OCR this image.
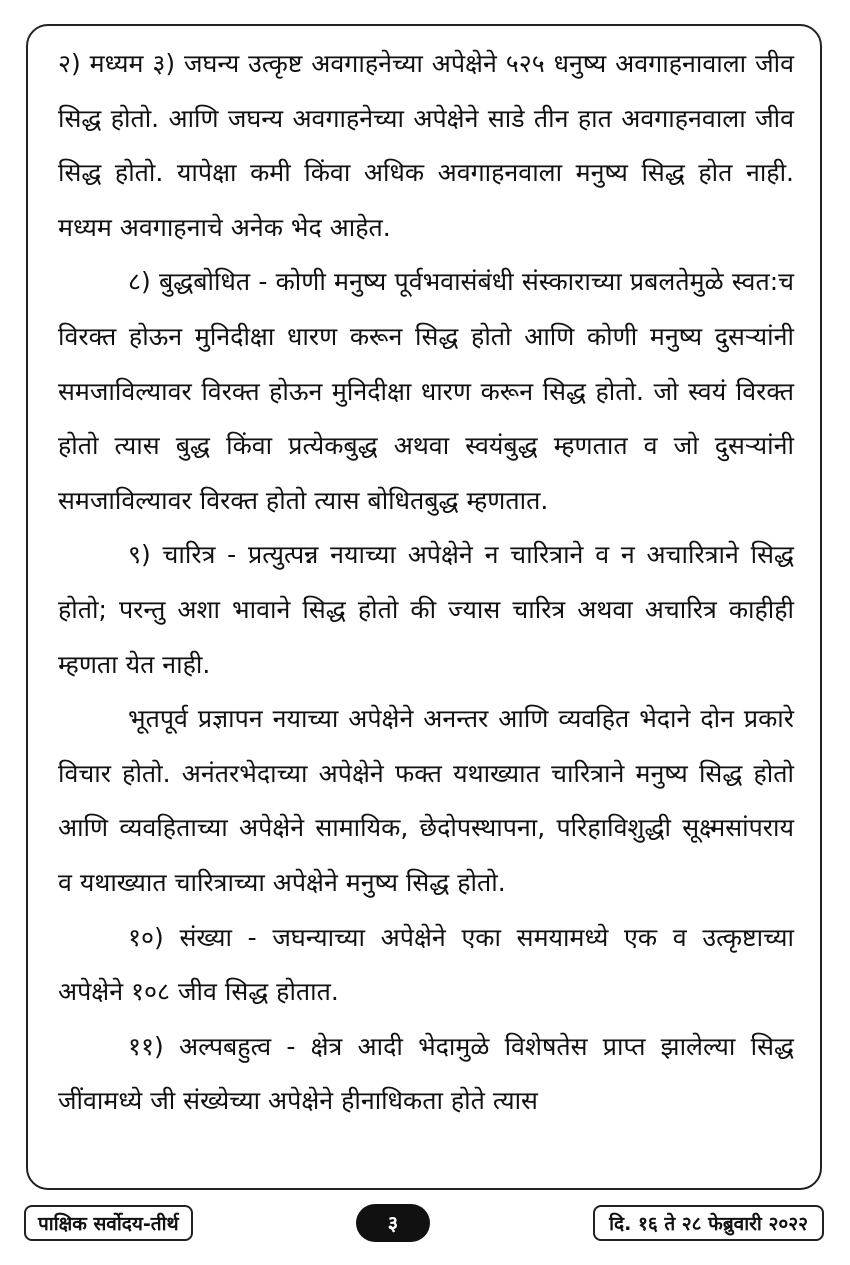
२) मध्यम ३) जघन्य उत्कृष्ट अवगाहनेच्या अपेक्षेने ५२५ धनुष्य अवगाहनावाला जीव सिद्ध होतो. आणि जघन्य अवगाहनेच्या अपेक्षेने साडे तीन हात अवगाहनवाला जीव सिद्ध होतो. यापेक्षा कमी किंवा अधिक अवगाहनवाला मनुष्य सिद्ध होत नाही. मध्यम अवगाहनाचे अनेक भेद आहेत.

८) बुद्धबोधित - कोणी मनुष्य पूर्वभवासंबंधी संस्काराच्या प्रबलतेमुळे स्वत:च विरक्त होऊन मुनिदीक्षा धारण करून सिद्ध होतो आणि कोणी मनुष्य दुसऱ्यांनी समजाविल्यावर विरक्त होऊन मुनिदीक्षा धारण करून सिद्ध होतो. जो स्वयं विरक्त होतो त्यास बुद्ध किंवा प्रत्येकबुद्ध अथवा स्वयंबुद्ध म्हणतात व जो दुसऱ्यांनी समजाविल्यावर विरक्त होतो त्यास बोधितबुद्ध म्हणतात.

९) चारित्र - प्रत्युत्पन्न नयाच्या अपेक्षेने न चारित्राने व न अचारित्राने सिद्ध होतो; परन्तु अशा भावाने सिद्ध होतो की ज्यास चारित्र अथवा अचारित्र काहीही म्हणता येत नाही.

भूतपूर्व प्रज्ञापन नयाच्या अपेक्षेने अनन्तर आणि व्यवहित भेदाने दोन प्रकारे विचार होतो. अनंतरभेदाच्या अपेक्षेने फक्त यथाख्यात चारित्राने मनुष्य सिद्ध होतो आणि व्यवहिताच्या अपेक्षेने सामायिक, छेदोपस्थापना, परिहाविशुद्धी सूक्ष्मसांपराय व यथाख्यात चारित्राच्या अपेक्षेने मनुष्य सिद्ध होतो.

१०) संख्या - जघन्याच्या अपेक्षेने एका समयामध्ये एक व उत्कृष्टाच्या अपेक्षेने १०८ जीव सिद्ध होतात.

११) अल्पबहुत्व - क्षेत्र आदी भेदामुळे विशेषतेस प्राप्त झालेल्या सिद्ध जींवामध्ये जी संख्येच्या अपेक्षेने हीनाधिकता होते त्यास

पाक्षिक सर्वोदय-तीर्थ	३	दि. १६ ते २८ फेब्रुवारी २०२२
